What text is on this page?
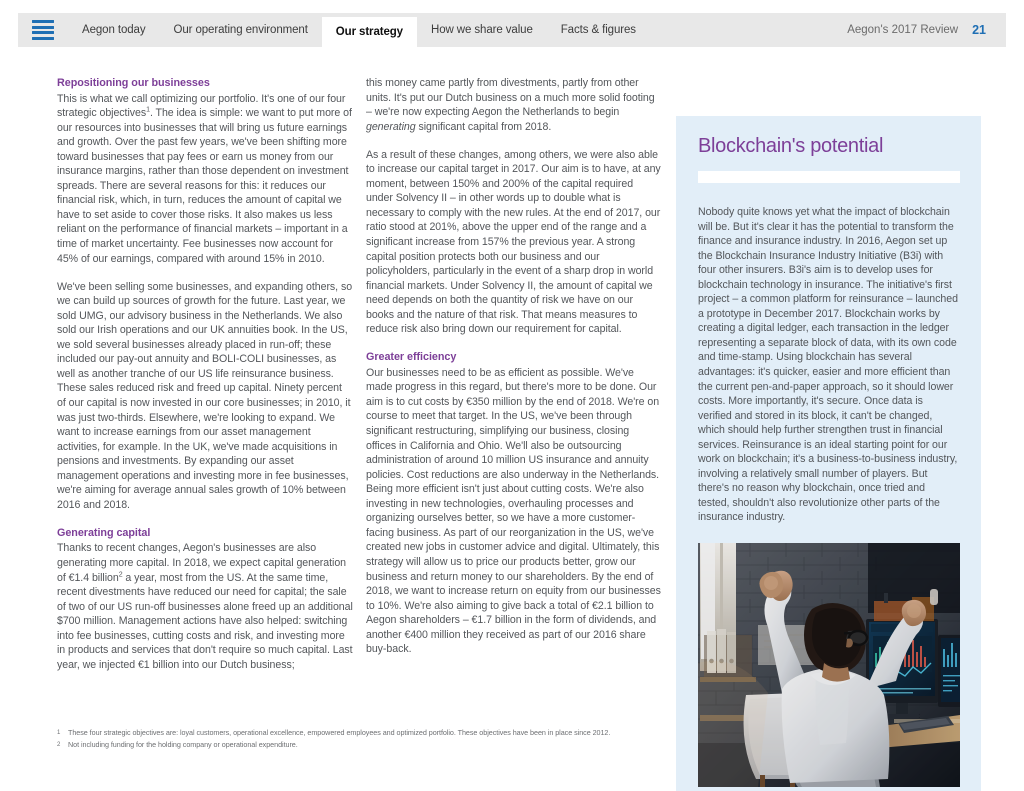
Aegon today	Our operating environment	Our strategy	How we share value	Facts & figures	Aegon's 2017 Review 21
Repositioning our businesses

This is what we call optimizing our portfolio. It's one of our four strategic objectives$^1$. The idea is simple: we want to put more of our resources into businesses that will bring us future earnings and growth. Over the past few years, we've been shifting more toward businesses that pay fees or earn us money from our insurance margins, rather than those dependent on investment spreads. There are several reasons for this: it reduces our financial risk, which, in turn, reduces the amount of capital we have to set aside to cover those risks. It also makes us less reliant on the performance of financial markets – important in a time of market uncertainty. Fee businesses now account for 45% of our earnings, compared with around 15% in 2010.

We've been selling some businesses, and expanding others, so we can build up sources of growth for the future. Last year, we sold UMG, our advisory business in the Netherlands. We also sold our Irish operations and our UK annuities book. In the US, we sold several businesses already placed in run-off; these included our pay-out annuity and BOLI-COLI businesses, as well as another tranche of our US life reinsurance business. These sales reduced risk and freed up capital. Ninety percent of our capital is now invested in our core businesses; in 2010, it was just two-thirds. Elsewhere, we're looking to expand. We want to increase earnings from our asset management activities, for example. In the UK, we've made acquisitions in pensions and investments. By expanding our asset management operations and investing more in fee businesses, we're aiming for average annual sales growth of 10% between 2016 and 2018.

Generating capital

Thanks to recent changes, Aegon's businesses are also generating more capital. In 2018, we expect capital generation of €1.4 billion$^2$ a year, most from the US. At the same time, recent divestments have reduced our need for capital; the sale of two of our US run-off businesses alone freed up an additional $700 million. Management actions have also helped: switching into fee businesses, cutting costs and risk, and investing more in products and services that don't require so much capital. Last year, we injected €1 billion into our Dutch business;

this money came partly from divestments, partly from other units. It's put our Dutch business on a much more solid footing – we're now expecting Aegon the Netherlands to begin generating significant capital from 2018.

As a result of these changes, among others, we were also able to increase our capital target in 2017. Our aim is to have, at any moment, between 150% and 200% of the capital required under Solvency II – in other words up to double what is necessary to comply with the new rules. At the end of 2017, our ratio stood at 201%, above the upper end of the range and a significant increase from 157% the previous year. A strong capital position protects both our business and our policyholders, particularly in the event of a sharp drop in world financial markets. Under Solvency II, the amount of capital we need depends on both the quantity of risk we have on our books and the nature of that risk. That means measures to reduce risk also bring down our requirement for capital.

Greater efficiency

Our businesses need to be as efficient as possible. We've made progress in this regard, but there's more to be done. Our aim is to cut costs by €350 million by the end of 2018. We're on course to meet that target. In the US, we've been through significant restructuring, simplifying our business, closing offices in California and Ohio. We'll also be outsourcing administration of around 10 million US insurance and annuity policies. Cost reductions are also underway in the Netherlands. Being more efficient isn't just about cutting costs. We're also investing in new technologies, overhauling processes and organizing ourselves better, so we have a more customer-facing business. As part of our reorganization in the US, we've created new jobs in customer advice and digital. Ultimately, this strategy will allow us to price our products better, grow our business and return money to our shareholders. By the end of 2018, we want to increase return on equity from our businesses to 10%. We're also aiming to give back a total of €2.1 billion to Aegon shareholders – €1.7 billion in the form of dividends, and another €400 million they received as part of our 2016 share buy-back.

Blockchain's potential
Nobody quite knows yet what the impact of blockchain will be. But it's clear it has the potential to transform the finance and insurance industry. In 2016, Aegon set up the Blockchain Insurance Industry Initiative (B3i) with four other insurers. B3i's aim is to develop uses for blockchain technology in insurance. The initiative's first project – a common platform for reinsurance – launched a prototype in December 2017. Blockchain works by creating a digital ledger, each transaction in the ledger representing a separate block of data, with its own code and time-stamp. Using blockchain has several advantages: it's quicker, easier and more efficient than the current pen-and-paper approach, so it should lower costs. More importantly, it's secure. Once data is verified and stored in its block, it can't be changed, which should help further strengthen trust in financial services. Reinsurance is an ideal starting point for our work on blockchain; it's a business-to-business industry, involving a relatively small number of players. But there's no reason why blockchain, once tried and tested, shouldn't also revolutionize other parts of the insurance industry.
1	These four strategic objectives are: loyal customers, operational excellence, empowered employees and optimized portfolio. These objectives have been in place since 2012.
2	Not including funding for the holding company or operational expenditure.
